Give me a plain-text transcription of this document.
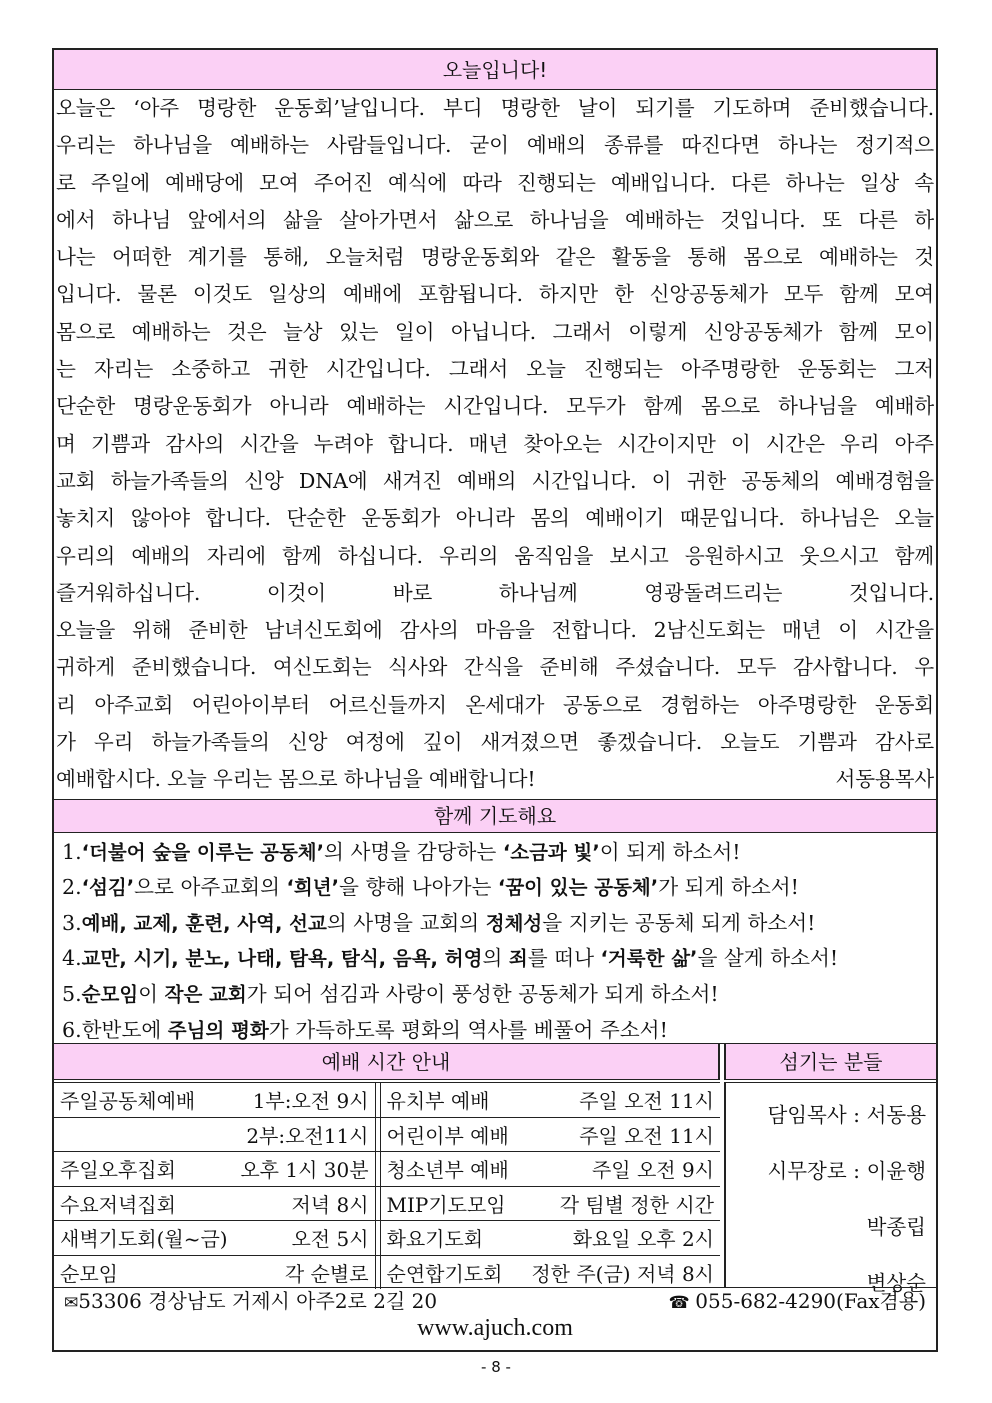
오늘입니다!

오늘은 ‘아주 명랑한 운동회’날입니다. 부디 명랑한 날이 되기를 기도하며 준비했습니다.

우리는 하나님을 예배하는 사람들입니다. 굳이 예배의 종류를 따진다면 하나는 정기적으

로 주일에 예배당에 모여 주어진 예식에 따라 진행되는 예배입니다. 다른 하나는 일상 속

에서 하나님 앞에서의 삶을 살아가면서 삶으로 하나님을 예배하는 것입니다. 또 다른 하

나는 어떠한 계기를 통해, 오늘처럼 명랑운동회와 같은 활동을 통해 몸으로 예배하는 것

입니다. 물론 이것도 일상의 예배에 포함됩니다. 하지만 한 신앙공동체가 모두 함께 모여

몸으로 예배하는 것은 늘상 있는 일이 아닙니다. 그래서 이렇게 신앙공동체가 함께 모이

는 자리는 소중하고 귀한 시간입니다. 그래서 오늘 진행되는 아주명랑한 운동회는 그저

단순한 명랑운동회가 아니라 예배하는 시간입니다. 모두가 함께 몸으로 하나님을 예배하

며 기쁨과 감사의 시간을 누려야 합니다. 매년 찾아오는 시간이지만 이 시간은 우리 아주

교회 하늘가족들의 신앙 DNA에 새겨진 예배의 시간입니다. 이 귀한 공동체의 예배경험을

놓치지 않아야 합니다. 단순한 운동회가 아니라 몸의 예배이기 때문입니다. 하나님은 오늘

우리의 예배의 자리에 함께 하십니다. 우리의 움직임을 보시고 응원하시고 웃으시고 함께

즐거워하십니다. 이것이 바로 하나님께 영광돌려드리는 것입니다.

오늘을 위해 준비한 남녀신도회에 감사의 마음을 전합니다. 2남신도회는 매년 이 시간을

귀하게 준비했습니다. 여신도회는 식사와 간식을 준비해 주셨습니다. 모두 감사합니다. 우

리 아주교회 어린아이부터 어르신들까지 온세대가 공동으로 경험하는 아주명랑한 운동회

가 우리 하늘가족들의 신앙 여정에 깊이 새겨졌으면 좋겠습니다. 오늘도 기쁨과 감사로

예배합시다. 오늘 우리는 몸으로 하나님을 예배합니다!	서동용목사

함께 기도해요
1.‘더불어 숲을 이루는 공동체’의 사명을 감당하는 ‘소금과 빛’이 되게 하소서!
2.‘섬김’으로 아주교회의 ‘희년’을 향해 나아가는 ‘꿈이 있는 공동체’가 되게 하소서!
3.예배, 교제, 훈련, 사역, 선교의 사명을 교회의 정체성을 지키는 공동체 되게 하소서!
4.교만, 시기, 분노, 나태, 탐욕, 탐식, 음욕, 허영의 죄를 떠나 ‘거룩한 삶’을 살게 하소서!
5.순모임이 작은 교회가 되어 섬김과 사랑이 풍성한 공동체가 되게 하소서!
6.한반도에 주님의 평화가 가득하도록 평화의 역사를 베풀어 주소서!
예배 시간 안내	섬기는 분들
주일공동체예배	1부:오전 9시 유치부 예배	주일 오전 11시
2부:오전11시 어린이부 예배	주일 오전 11시
주일오후집회	오후 1시 30분 청소년부 예배	주일 오전 9시
수요저녁집회	저녁 8시 MIP기도모임	각 팀별 정한 시간
새벽기도회(월~금)	오전 5시 화요기도회	화요일 오후 2시
순모임	각 순별로 순연합기도회 정한 주(금) 저녁 8시
담임목사 : 서동용
시무장로 : 이윤행
박종립
변상순
✉53306 경상남도 거제시 아주2로 2길 20	☎ 055-682-4290(Fax겸용)
www.ajuch.com
- 8 -
